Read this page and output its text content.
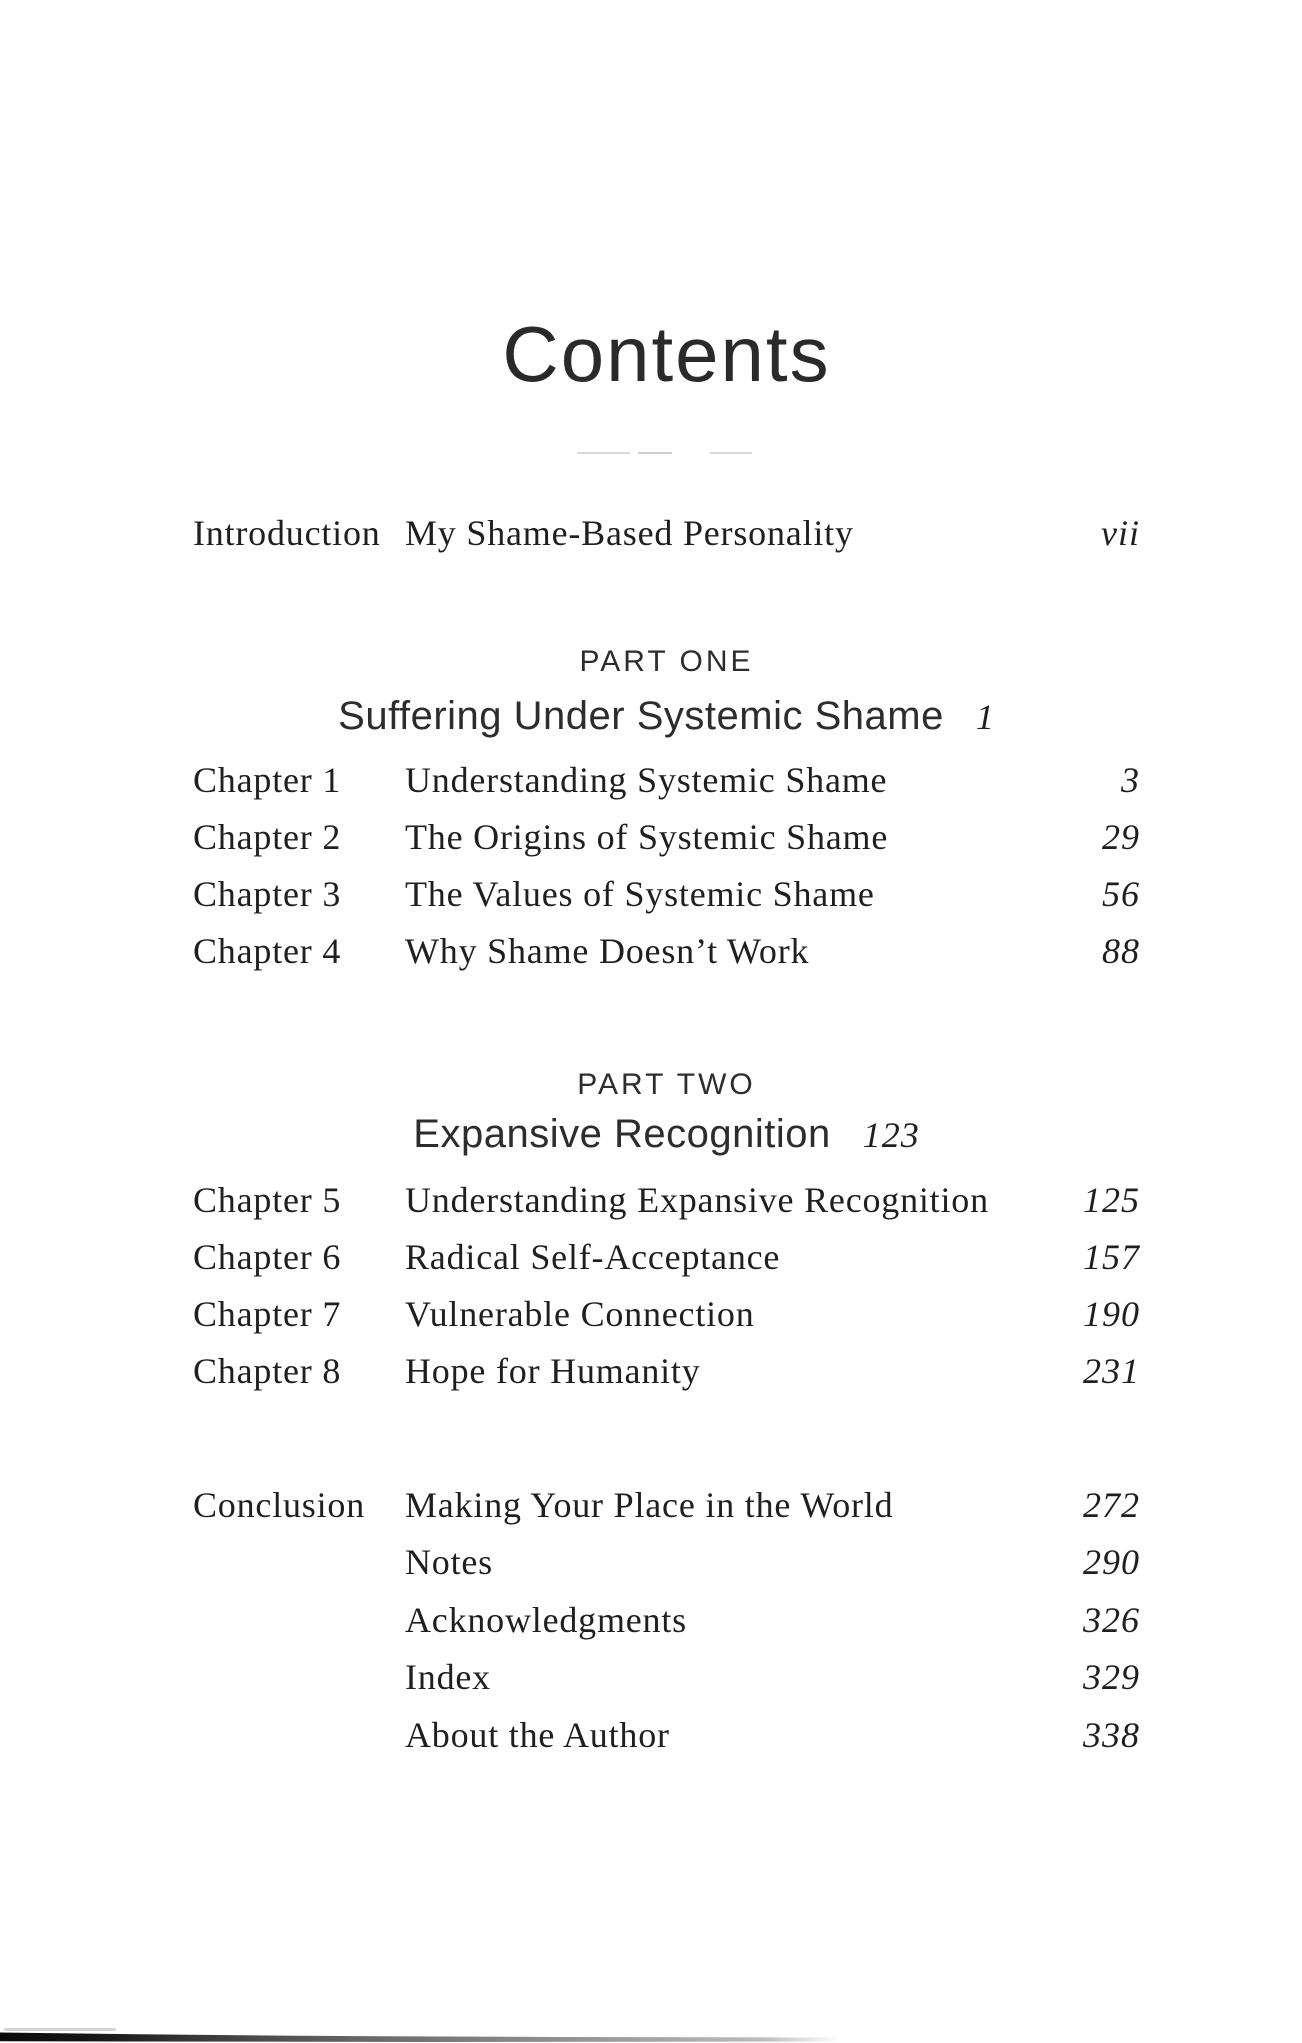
Contents
Introduction My Shame-Based Personality	vii
PART ONE
Suffering Under Systemic Shame 1
Chapter 1 Understanding Systemic Shame	3
Chapter 2 The Origins of Systemic Shame	29
Chapter 3 The Values of Systemic Shame	56
Chapter 4 Why Shame Doesn’t Work	88
PART TWO
Expansive Recognition 123
Chapter 5 Understanding Expansive Recognition	125
Chapter 6 Radical Self-Acceptance	157
Chapter 7 Vulnerable Connection	190
Chapter 8 Hope for Humanity	231
Conclusion Making Your Place in the World	272
Notes	290
Acknowledgments	326
Index	329
About the Author	338
